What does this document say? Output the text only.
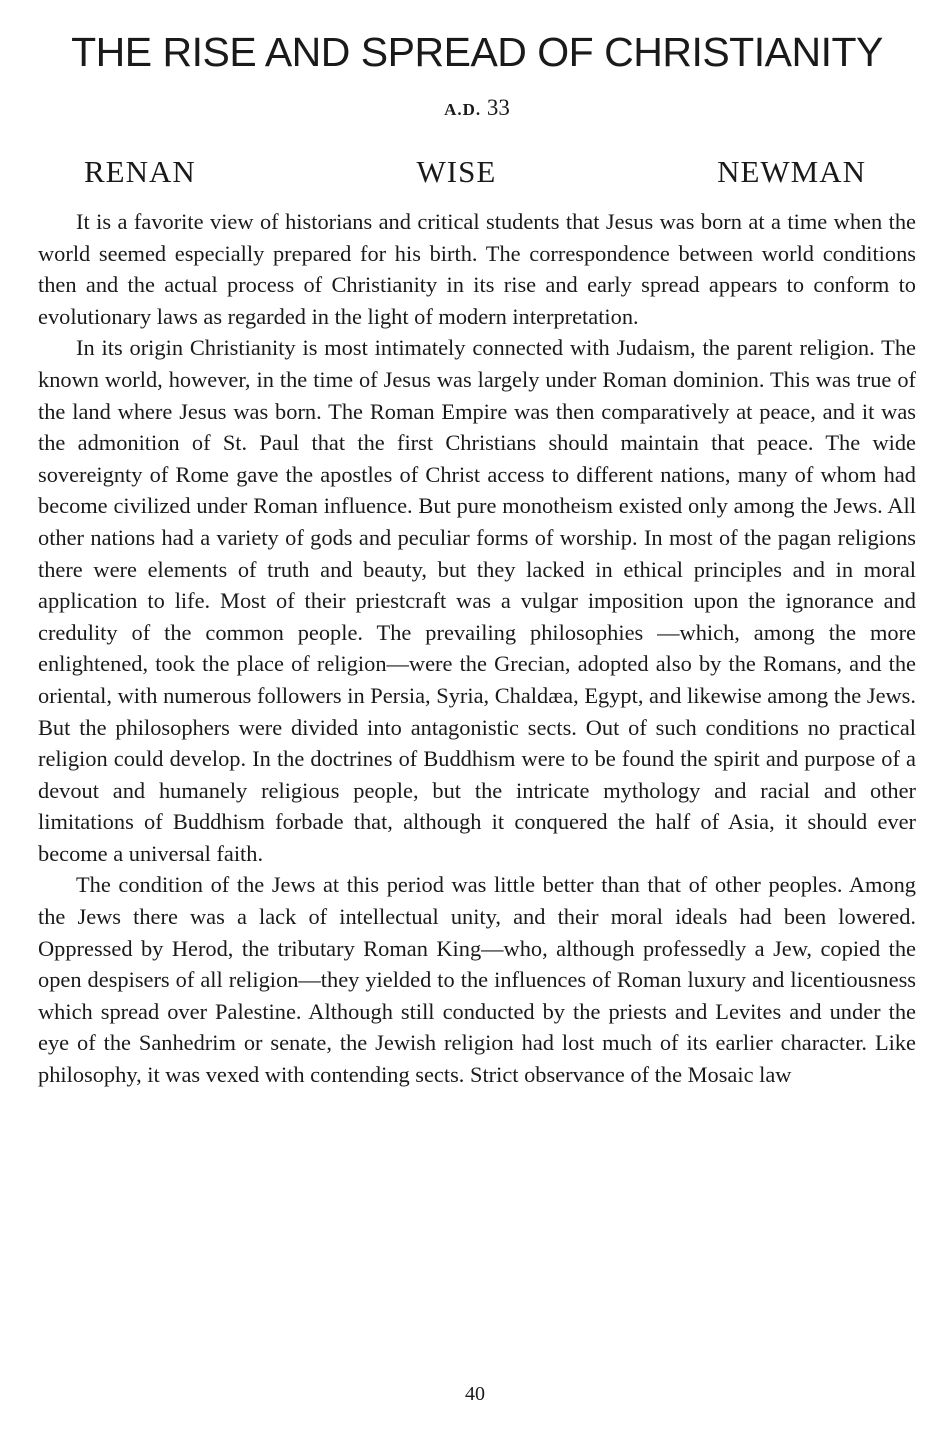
THE RISE AND SPREAD OF CHRISTIANITY
A.D. 33
RENAN	WISE	NEWMAN

It is a favorite view of historians and critical students that Jesus was born at a time when the world seemed especially prepared for his birth. The correspondence between world conditions then and the actual process of Christianity in its rise and early spread appears to conform to evolutionary laws as regarded in the light of modern interpretation.

In its origin Christianity is most intimately connected with Judaism, the parent religion. The known world, however, in the time of Jesus was largely under Roman dominion. This was true of the land where Jesus was born. The Roman Empire was then comparatively at peace, and it was the admonition of St. Paul that the first Christians should maintain that peace. The wide sovereignty of Rome gave the apostles of Christ access to different nations, many of whom had become civilized under Roman influence. But pure monotheism existed only among the Jews. All other nations had a variety of gods and peculiar forms of worship. In most of the pagan religions there were elements of truth and beauty, but they lacked in ethical principles and in moral application to life. Most of their priestcraft was a vulgar imposition upon the ignorance and credulity of the common people. The prevailing philosophies —which, among the more enlightened, took the place of religion—were the Grecian, adopted also by the Romans, and the oriental, with numerous followers in Persia, Syria, Chaldæa, Egypt, and likewise among the Jews. But the philosophers were divided into antagonistic sects. Out of such conditions no practical religion could develop. In the doctrines of Buddhism were to be found the spirit and purpose of a devout and humanely religious people, but the intricate mythology and racial and other limitations of Buddhism forbade that, although it conquered the half of Asia, it should ever become a universal faith.

The condition of the Jews at this period was little better than that of other peoples. Among the Jews there was a lack of intellectual unity, and their moral ideals had been lowered. Oppressed by Herod, the tributary Roman King—who, although professedly a Jew, copied the open despisers of all religion—they yielded to the influences of Roman luxury and licentiousness which spread over Palestine. Although still conducted by the priests and Levites and under the eye of the Sanhedrim or senate, the Jewish religion had lost much of its earlier character. Like philosophy, it was vexed with contending sects. Strict observance of the Mosaic law

40
